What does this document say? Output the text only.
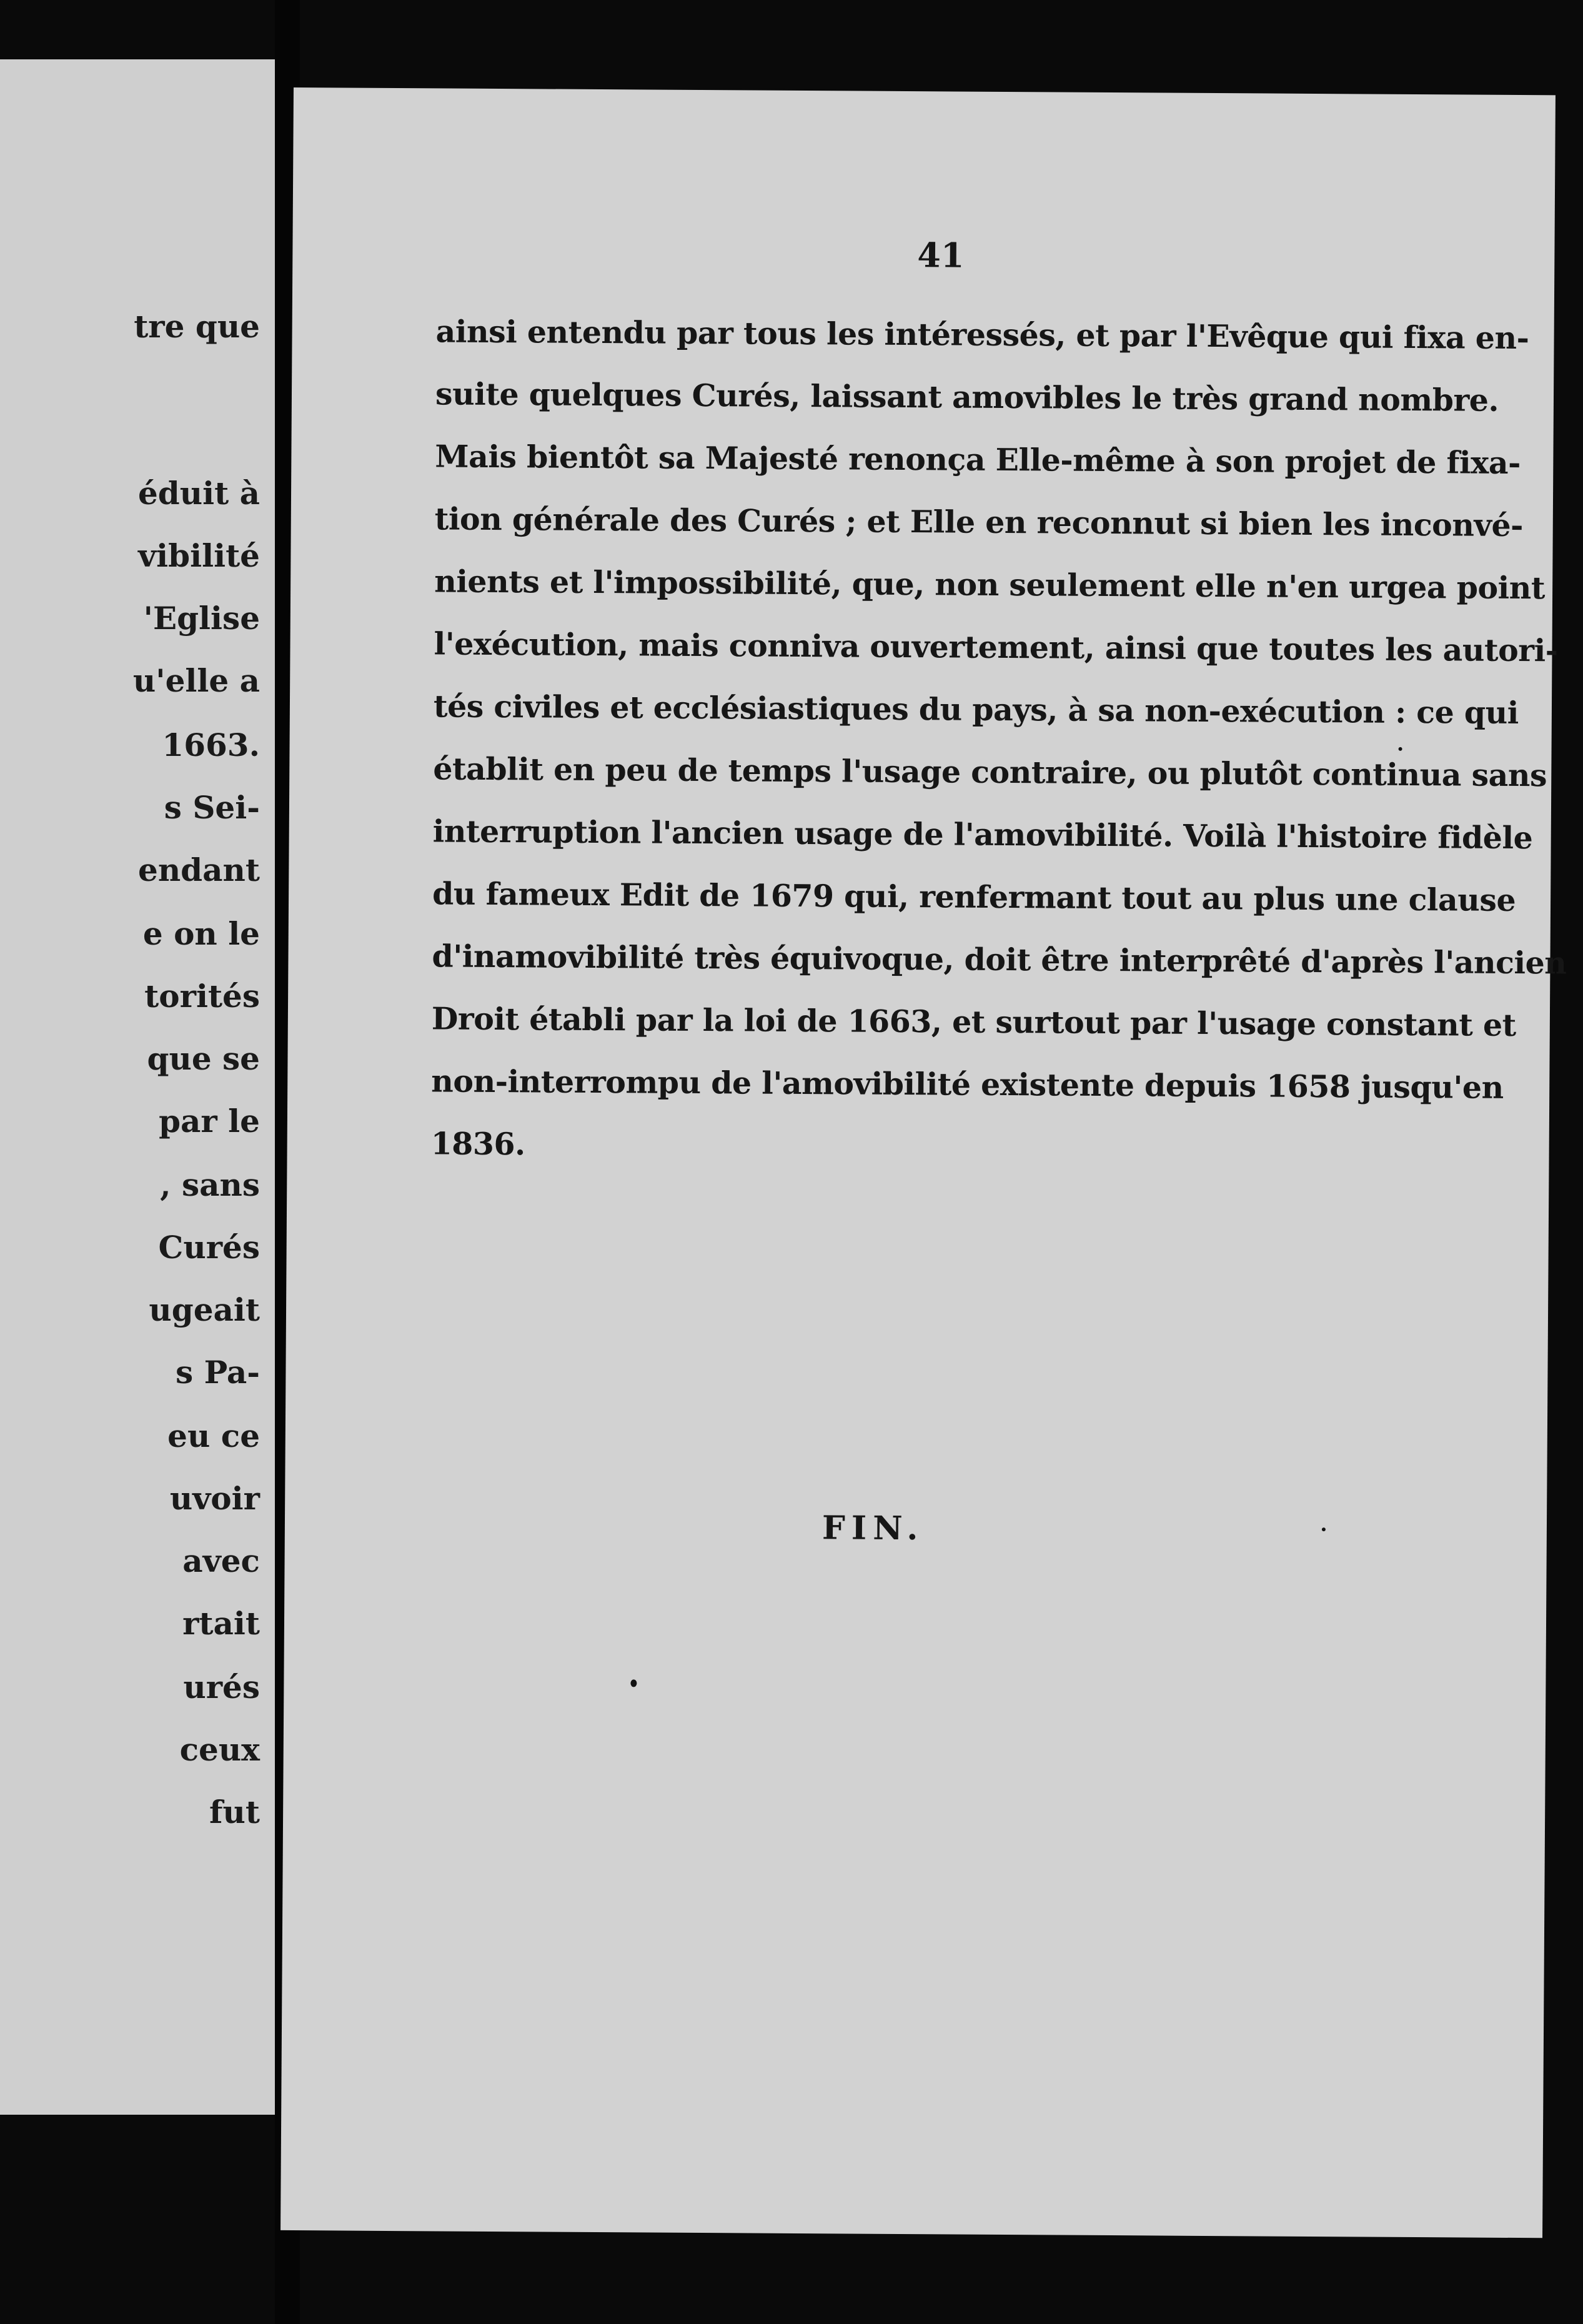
tre que
éduit à
vibilité
'Eglise
u'elle a
1663.
s Sei-
endant
e on le
torités
que se
par le
, sans
Curés
ugeait
s Pa-
eu ce
uvoir
avec
rtait
urés
ceux
fut
41
ainsi entendu par tous les intéressés, et par l'Evêque qui fixa en-
suite quelques Curés, laissant amovibles le très grand nombre.
Mais bientôt sa Majesté renonça Elle-même à son projet de fixa-
tion générale des Curés ; et Elle en reconnut si bien les inconvé-
nients et l'impossibilité, que, non seulement elle n'en urgea point
l'exécution, mais conniva ouvertement, ainsi que toutes les autori-
tés civiles et ecclésiastiques du pays, à sa non-exécution : ce qui
établit en peu de temps l'usage contraire, ou plutôt continua sans
interruption l'ancien usage de l'amovibilité. Voilà l'histoire fidèle
du fameux Edit de 1679 qui, renfermant tout au plus une clause
d'inamovibilité très équivoque, doit être interprêté d'après l'ancien
Droit établi par la loi de 1663, et surtout par l'usage constant et
non-interrompu de l'amovibilité existente depuis 1658 jusqu'en
1836.
FIN.
